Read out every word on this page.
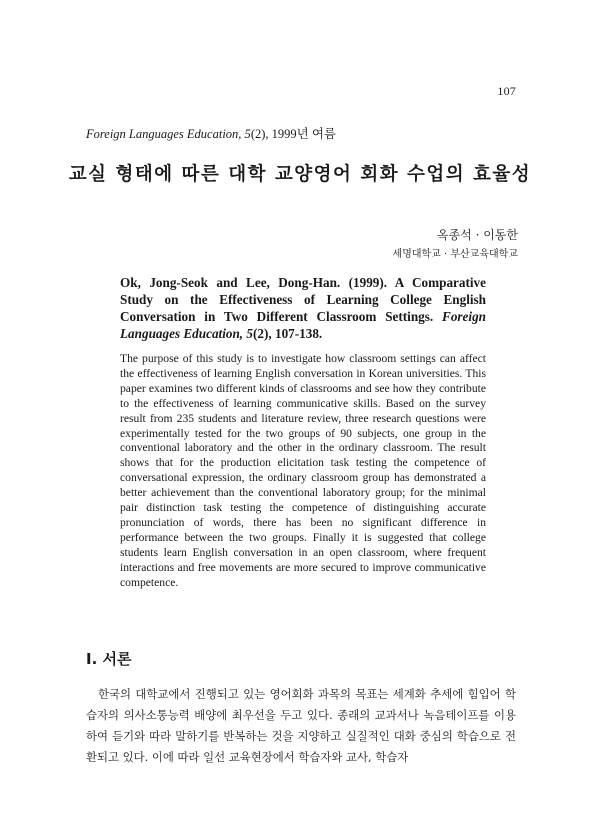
107
Foreign Languages Education, 5(2), 1999년 여름
교실 형태에 따른 대학 교양영어 회화 수업의 효율성
옥종석 · 이동한
세명대학교 · 부산교육대학교
Ok, Jong-Seok and Lee, Dong-Han. (1999). A Comparative Study on the Effectiveness of Learning College English Conversation in Two Different Classroom Settings. Foreign Languages Education, 5(2), 107-138.
The purpose of this study is to investigate how classroom settings can affect the effectiveness of learning English conversation in Korean universities. This paper examines two different kinds of classrooms and see how they contribute to the effectiveness of learning communicative skills. Based on the survey result from 235 students and literature review, three research questions were experimentally tested for the two groups of 90 subjects, one group in the conventional laboratory and the other in the ordinary classroom. The result shows that for the production elicitation task testing the competence of conversational expression, the ordinary classroom group has demonstrated a better achievement than the conventional laboratory group; for the minimal pair distinction task testing the competence of distinguishing accurate pronunciation of words, there has been no significant difference in performance between the two groups. Finally it is suggested that college students learn English conversation in an open classroom, where frequent interactions and free movements are more secured to improve communicative competence.
Ⅰ. 서론
한국의 대학교에서 진행되고 있는 영어회화 과목의 목표는 세계화 추세에 힘입어 학습자의 의사소통능력 배양에 최우선을 두고 있다. 종래의 교과서나 녹음테이프를 이용하여 듣기와 따라 말하기를 반복하는 것을 지양하고 실질적인 대화 중심의 학습으로 전환되고 있다. 이에 따라 일선 교육현장에서 학습자와 교사, 학습자
